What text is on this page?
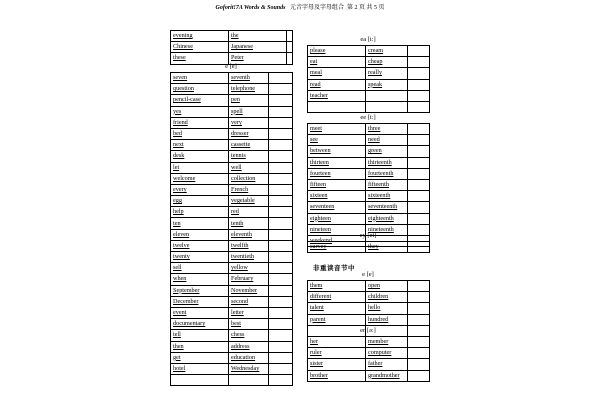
Goforit!7A Words & Sounds 元音字母及字母组合 第 2 页 共 5 页
evening	the	
Chinese	Japanese	
these	Peter	
e [e]
seven	seventh	
question	telephone	
pencil-case	pen	
yes	spell	
friend	very	
bed	dresser	
next	cassette	
desk	tennis	
let	well	
welcome	collection	
every	French	
egg	vegetable	
help	red	
ten	tenth	
eleven	eleventh	
twelve	twelfth	
twenty	twentieth	
sell	yellow	
when	February	
September	November	
December	second	
event	letter	
documentary	best	
tell	chess	
then	address	
get	education	
hotel	Wednesday	

ea [i:]
please	cream	
eat	cheap	
meal	really	
read	speak	
teacher		

ee [i:]
meet	three	
see	need	
between	green	
thirteen	thirteenth	
fourteen	fourteenth	
fifteen	fifteenth	
sixteen	sixteenth	
seventeen	seventeenth	
eighteen	eighteenth	
nineteen	nineteenth	
weekend		
ey [ei]
survey	they	
非重读音节中
e [e]
them	open	
different	children	
talent	hello	
parent	hundred	

er [ə:]
her	member	
ruler	computer	
sister	father	
brother	grandmother	
